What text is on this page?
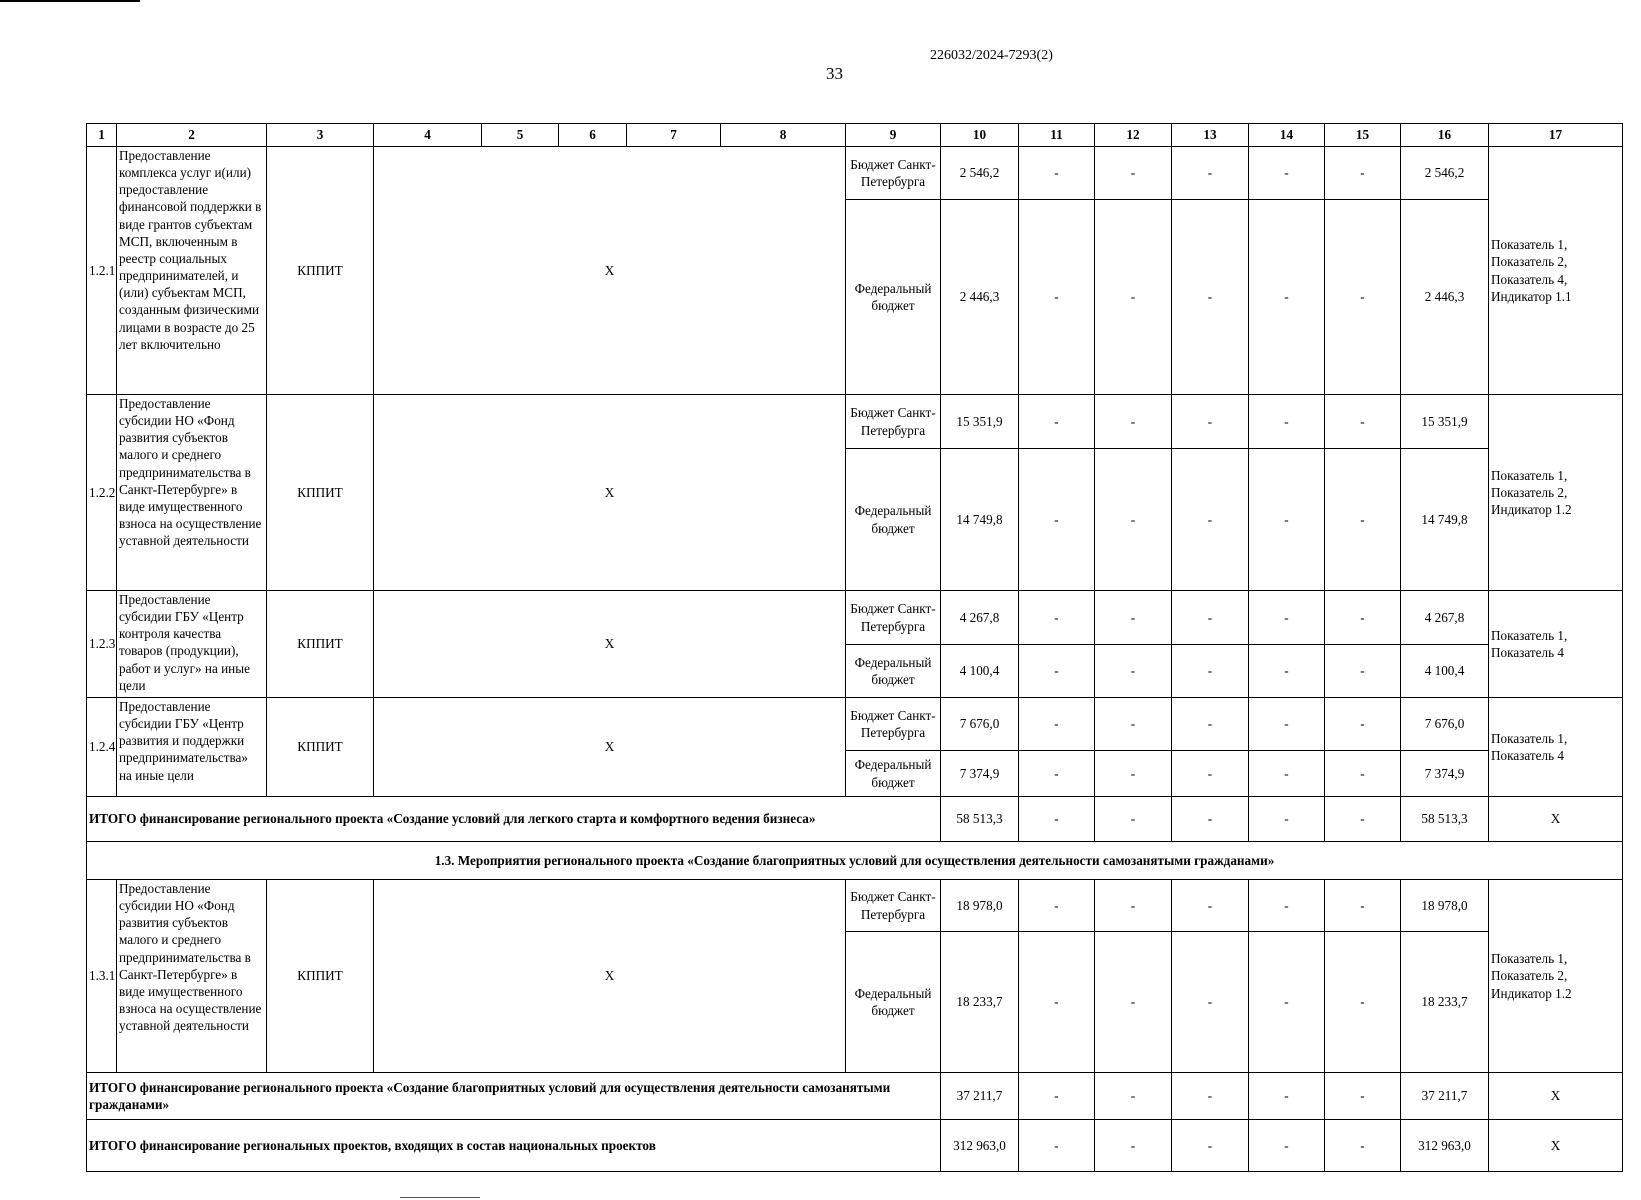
226032/2024-7293(2)
33
1	2	3	4	5	6	7	8	9	10	11	12	13	14	15	16	17
1.2.1	Предоставление комплекса услуг и(или) предоставление финансовой поддержки в виде грантов субъектам МСП, включенным в реестр социальных предпринимателей, и (или) субъектам МСП, созданным физическими лицами в возрасте до 25 лет включительно	КППИТ	Х					Бюджет Санкт-Петербурга	2 546,2	-	-	-	-	-	2 546,2	Показатель 1, Показатель 2, Показатель 4, Индикатор 1.1
								Федеральный бюджет	2 446,3	-	-	-	-	-	2 446,3	
1.2.2	Предоставление субсидии НО «Фонд развития субъектов малого и среднего предпринимательства в Санкт-Петербурге» в виде имущественного взноса на осуществление уставной деятельности	КППИТ	Х					Бюджет Санкт-Петербурга	15 351,9	-	-	-	-	-	15 351,9	Показатель 1, Показатель 2, Индикатор 1.2
								Федеральный бюджет	14 749,8	-	-	-	-	-	14 749,8	
1.2.3	Предоставление субсидии ГБУ «Центр контроля качества товаров (продукции), работ и услуг» на иные цели	КППИТ	Х					Бюджет Санкт-Петербурга	4 267,8	-	-	-	-	-	4 267,8	Показатель 1, Показатель 4
								Федеральный бюджет	4 100,4	-	-	-	-	-	4 100,4	
1.2.4	Предоставление субсидии ГБУ «Центр развития и поддержки предпринимательства» на иные цели	КППИТ	Х					Бюджет Санкт-Петербурга	7 676,0	-	-	-	-	-	7 676,0	Показатель 1, Показатель 4
								Федеральный бюджет	7 374,9	-	-	-	-	-	7 374,9	
ИТОГО финансирование регионального проекта «Создание условий для легкого старта и комфортного ведения бизнеса»									58 513,3	-	-	-	-	-	58 513,3	Х
1.3. Мероприятия регионального проекта «Создание благоприятных условий для осуществления деятельности самозанятыми гражданами»																
1.3.1	Предоставление субсидии НО «Фонд развития субъектов малого и среднего предпринимательства в Санкт-Петербурге» в виде имущественного взноса на осуществление уставной деятельности	КППИТ	Х					Бюджет Санкт-Петербурга	18 978,0	-	-	-	-	-	18 978,0	Показатель 1, Показатель 2, Индикатор 1.2
								Федеральный бюджет	18 233,7	-	-	-	-	-	18 233,7	
ИТОГО финансирование регионального проекта «Создание благоприятных условий для осуществления деятельности самозанятыми гражданами»									37 211,7	-	-	-	-	-	37 211,7	Х
ИТОГО финансирование региональных проектов, входящих в состав национальных проектов									312 963,0	-	-	-	-	-	312 963,0	Х
